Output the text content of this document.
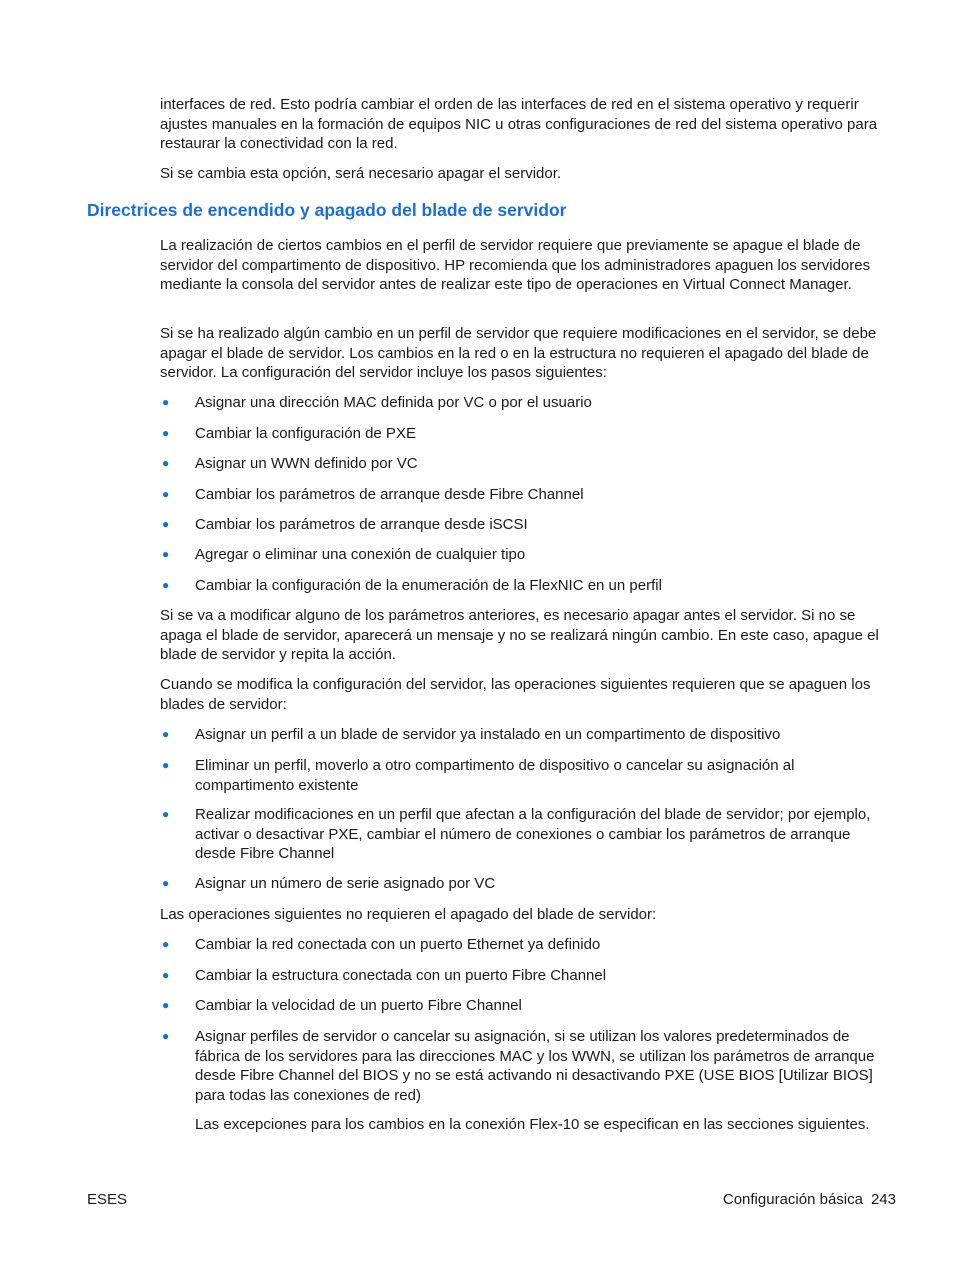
interfaces de red. Esto podría cambiar el orden de las interfaces de red en el sistema operativo y requerir ajustes manuales en la formación de equipos NIC u otras configuraciones de red del sistema operativo para restaurar la conectividad con la red.

Si se cambia esta opción, será necesario apagar el servidor.

Directrices de encendido y apagado del blade de servidor

La realización de ciertos cambios en el perfil de servidor requiere que previamente se apague el blade de servidor del compartimento de dispositivo. HP recomienda que los administradores apaguen los servidores mediante la consola del servidor antes de realizar este tipo de operaciones en Virtual Connect Manager.

Si se ha realizado algún cambio en un perfil de servidor que requiere modificaciones en el servidor, se debe apagar el blade de servidor. Los cambios en la red o en la estructura no requieren el apagado del blade de servidor. La configuración del servidor incluye los pasos siguientes:

● Asignar una dirección MAC definida por VC o por el usuario
● Cambiar la configuración de PXE
● Asignar un WWN definido por VC
● Cambiar los parámetros de arranque desde Fibre Channel
● Cambiar los parámetros de arranque desde iSCSI
● Agregar o eliminar una conexión de cualquier tipo
● Cambiar la configuración de la enumeración de la FlexNIC en un perfil

Si se va a modificar alguno de los parámetros anteriores, es necesario apagar antes el servidor. Si no se apaga el blade de servidor, aparecerá un mensaje y no se realizará ningún cambio. En este caso, apague el blade de servidor y repita la acción.

Cuando se modifica la configuración del servidor, las operaciones siguientes requieren que se apaguen los blades de servidor:

● Asignar un perfil a un blade de servidor ya instalado en un compartimento de dispositivo
● Eliminar un perfil, moverlo a otro compartimento de dispositivo o cancelar su asignación al compartimento existente
● Realizar modificaciones en un perfil que afectan a la configuración del blade de servidor; por ejemplo, activar o desactivar PXE, cambiar el número de conexiones o cambiar los parámetros de arranque desde Fibre Channel
● Asignar un número de serie asignado por VC

Las operaciones siguientes no requieren el apagado del blade de servidor:

● Cambiar la red conectada con un puerto Ethernet ya definido
● Cambiar la estructura conectada con un puerto Fibre Channel
● Cambiar la velocidad de un puerto Fibre Channel
● Asignar perfiles de servidor o cancelar su asignación, si se utilizan los valores predeterminados de fábrica de los servidores para las direcciones MAC y los WWN, se utilizan los parámetros de arranque desde Fibre Channel del BIOS y no se está activando ni desactivando PXE (USE BIOS [Utilizar BIOS] para todas las conexiones de red)

Las excepciones para los cambios en la conexión Flex-10 se especifican en las secciones siguientes.

ESES	Configuración básica 243
